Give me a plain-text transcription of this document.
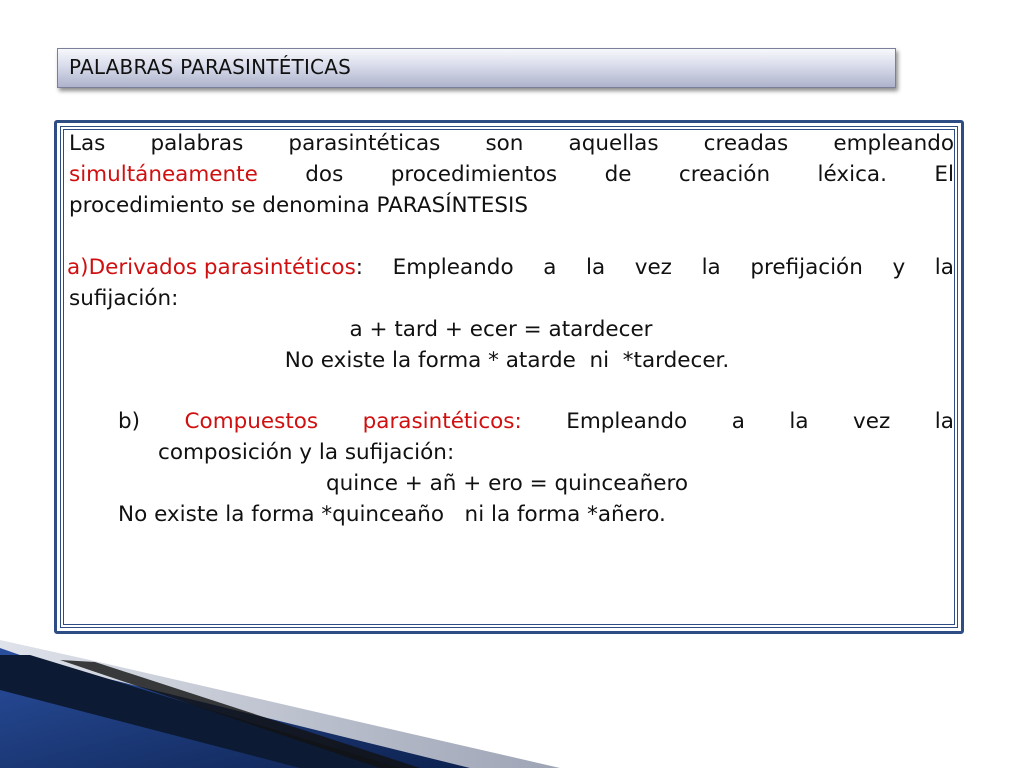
PALABRAS PARASINTÉTICAS
Las palabras parasintéticas son aquellas creadas empleando
simultáneamente dos procedimientos de creación léxica. El
procedimiento se denomina PARASÍNTESIS
a)Derivados parasintéticos: Empleando a la vez la prefijación y la
sufijación:
a + tard + ecer = atardecer
No existe la forma * atarde  ni  *tardecer.
b) Compuestos parasintéticos: Empleando a la vez la
composición y la sufijación:
quince + añ + ero = quinceañero
No existe la forma *quinceaño   ni la forma *añero.
